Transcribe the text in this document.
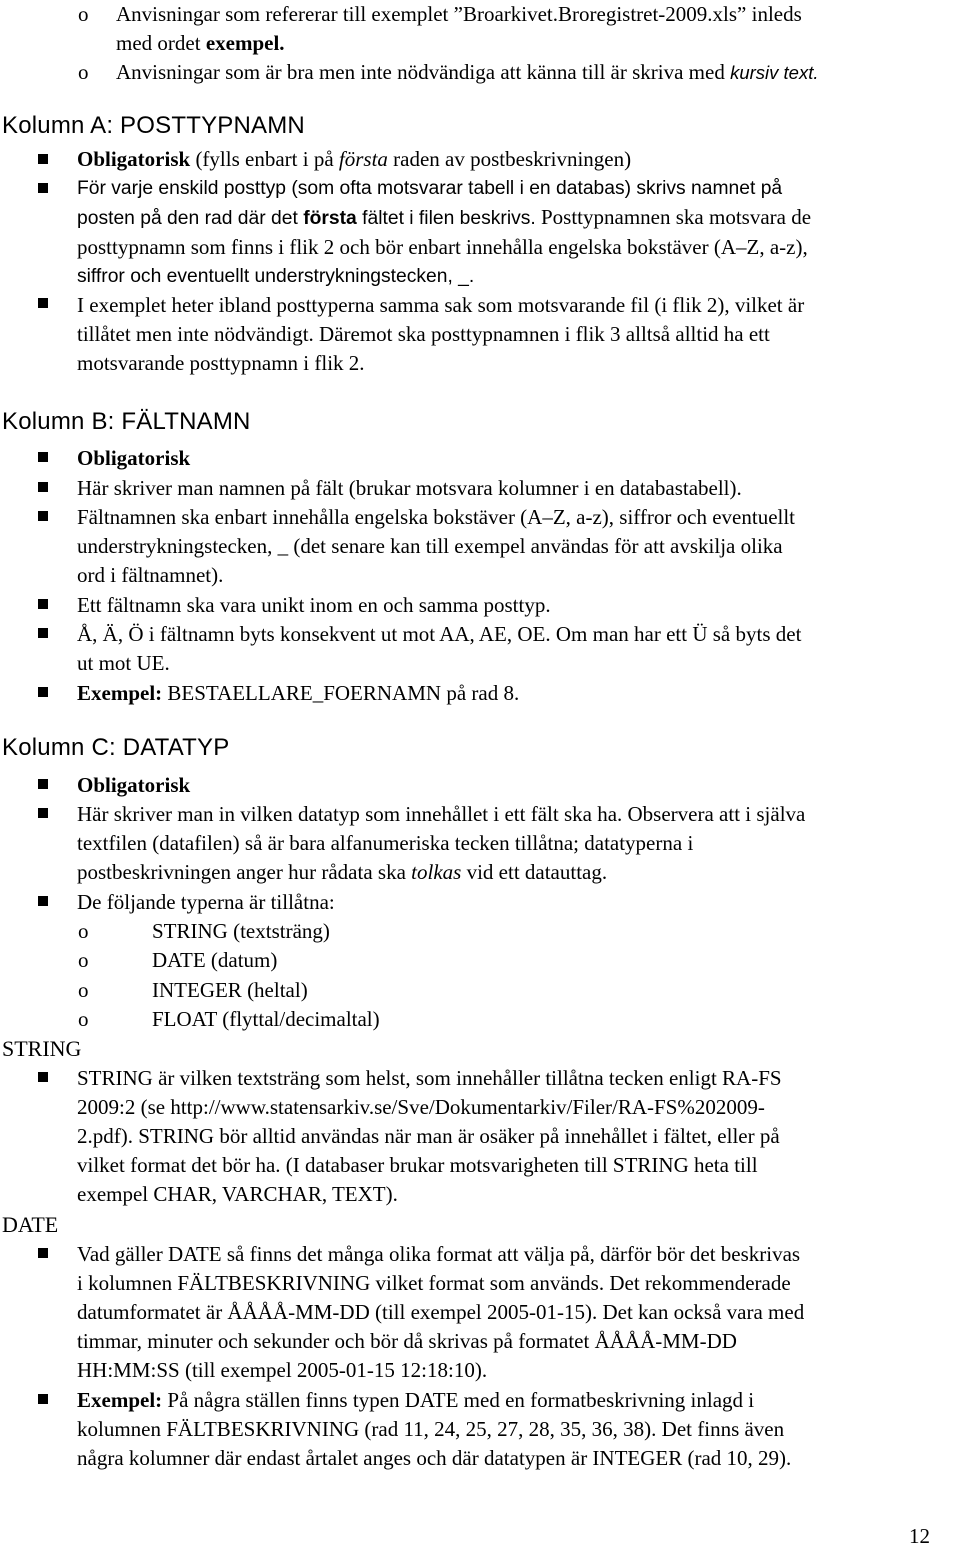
o Anvisningar som refererar till exemplet ”Broarkivet.Broregistret-2009.xls” inleds
med ordet exempel.
o Anvisningar som är bra men inte nödvändiga att känna till är skriva med kursiv text.
Kolumn A: POSTTYPNAMN
Obligatorisk (fylls enbart i på första raden av postbeskrivningen)
För varje enskild posttyp (som ofta motsvarar tabell i en databas) skrivs namnet på
posten på den rad där det första fältet i filen beskrivs. Posttypnamnen ska motsvara de
posttypnamn som finns i flik 2 och bör enbart innehålla engelska bokstäver (A–Z, a-z),
siffror och eventuellt understrykningstecken, _.
I exemplet heter ibland posttyperna samma sak som motsvarande fil (i flik 2), vilket är
tillåtet men inte nödvändigt. Däremot ska posttypnamnen i flik 3 alltså alltid ha ett
motsvarande posttypnamn i flik 2.
Kolumn B: FÄLTNAMN
Obligatorisk
Här skriver man namnen på fält (brukar motsvara kolumner i en databastabell).
Fältnamnen ska enbart innehålla engelska bokstäver (A–Z, a-z), siffror och eventuellt
understrykningstecken, _ (det senare kan till exempel användas för att avskilja olika
ord i fältnamnet).
Ett fältnamn ska vara unikt inom en och samma posttyp.
Å, Ä, Ö i fältnamn byts konsekvent ut mot AA, AE, OE. Om man har ett Ü så byts det
ut mot UE.
Exempel: BESTAELLARE_FOERNAMN på rad 8.
Kolumn C: DATATYP
Obligatorisk
Här skriver man in vilken datatyp som innehållet i ett fält ska ha. Observera att i själva
textfilen (datafilen) så är bara alfanumeriska tecken tillåtna; datatyperna i
postbeskrivningen anger hur rådata ska tolkas vid ett datauttag.
De följande typerna är tillåtna:
o	STRING (textsträng)
o	DATE (datum)
o	INTEGER (heltal)
o	FLOAT (flyttal/decimaltal)
STRING
STRING är vilken textsträng som helst, som innehåller tillåtna tecken enligt RA-FS
2009:2 (se http://www.statensarkiv.se/Sve/Dokumentarkiv/Filer/RA-FS%202009-
2.pdf). STRING bör alltid användas när man är osäker på innehållet i fältet, eller på
vilket format det bör ha. (I databaser brukar motsvarigheten till STRING heta till
exempel CHAR, VARCHAR, TEXT).
DATE
Vad gäller DATE så finns det många olika format att välja på, därför bör det beskrivas
i kolumnen FÄLTBESKRIVNING vilket format som används. Det rekommenderade
datumformatet är ÅÅÅÅ-MM-DD (till exempel 2005-01-15). Det kan också vara med
timmar, minuter och sekunder och bör då skrivas på formatet ÅÅÅÅ-MM-DD
HH:MM:SS (till exempel 2005-01-15 12:18:10).
Exempel: På några ställen finns typen DATE med en formatbeskrivning inlagd i
kolumnen FÄLTBESKRIVNING (rad 11, 24, 25, 27, 28, 35, 36, 38). Det finns även
några kolumner där endast årtalet anges och där datatypen är INTEGER (rad 10, 29).
12
